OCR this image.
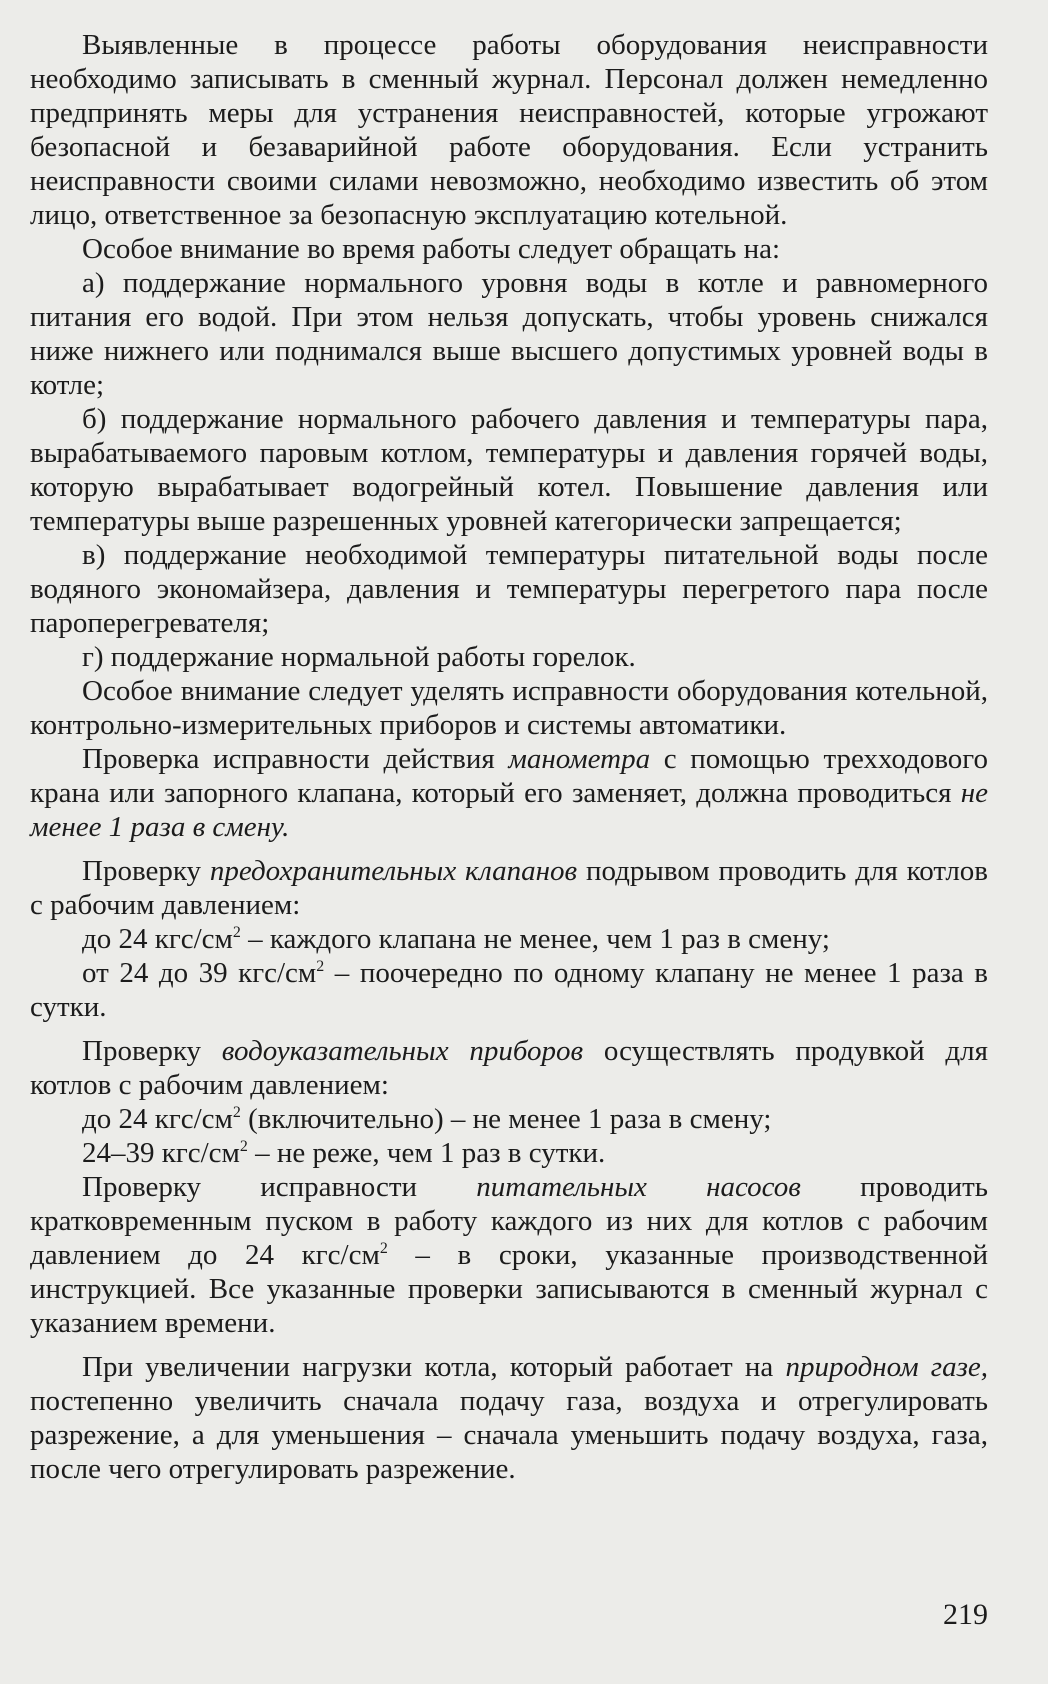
Выявленные в процессе работы оборудования неисправности необходимо записывать в сменный журнал. Персонал должен немедленно предпринять меры для устранения неисправностей, которые угрожают безопасной и безаварийной работе оборудования. Если устранить неисправности своими силами невозможно, необходимо известить об этом лицо, ответственное за безопасную эксплуатацию котельной.

Особое внимание во время работы следует обращать на:

а) поддержание нормального уровня воды в котле и равномерного питания его водой. При этом нельзя допускать, чтобы уровень снижался ниже нижнего или поднимался выше высшего допустимых уровней воды в котле;

б) поддержание нормального рабочего давления и температуры пара, вырабатываемого паровым котлом, температуры и давления горячей воды, которую вырабатывает водогрейный котел. Повышение давления или температуры выше разрешенных уровней категорически запрещается;

в) поддержание необходимой температуры питательной воды после водяного экономайзера, давления и температуры перегретого пара после пароперегревателя;

г) поддержание нормальной работы горелок.

Особое внимание следует уделять исправности оборудования котельной, контрольно-измерительных приборов и системы автоматики.

Проверка исправности действия манометра с помощью трехходового крана или запорного клапана, который его заменяет, должна проводиться не менее 1 раза в смену.

Проверку предохранительных клапанов подрывом проводить для котлов с рабочим давлением:

до 24 кгс/$см^2$ – каждого клапана не менее, чем 1 раз в смену;

от 24 до 39 кгс/$см^2$ – поочередно по одному клапану не менее 1 раза в сутки.

Проверку водоуказательных приборов осуществлять продувкой для котлов с рабочим давлением:

до 24 кгс/$см^2$ (включительно) – не менее 1 раза в смену;

24–39 кгс/$см^2$ – не реже, чем 1 раз в сутки.

Проверку исправности питательных насосов проводить кратковременным пуском в работу каждого из них для котлов с рабочим давлением до 24 кгс/$см^2$ – в сроки, указанные производственной инструкцией. Все указанные проверки записываются в сменный журнал с указанием времени.

При увеличении нагрузки котла, который работает на природном газе, постепенно увеличить сначала подачу газа, воздуха и отрегулировать разрежение, а для уменьшения – сначала уменьшить подачу воздуха, газа, после чего отрегулировать разрежение.

219
